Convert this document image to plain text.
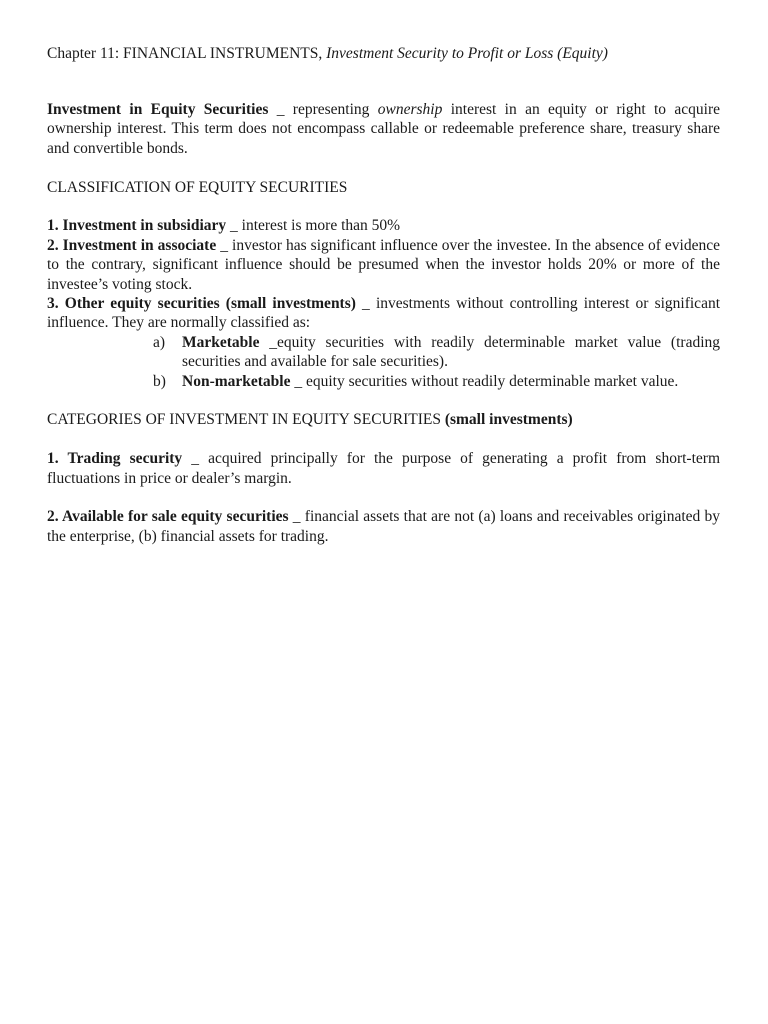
Chapter 11: FINANCIAL INSTRUMENTS, Investment Security to Profit or Loss (Equity)

Investment in Equity Securities _ representing ownership interest in an equity or right to acquire ownership interest. This term does not encompass callable or redeemable preference share, treasury share and convertible bonds.

CLASSIFICATION OF EQUITY SECURITIES

1. Investment in subsidiary _ interest is more than 50%

2. Investment in associate _ investor has significant influence over the investee. In the absence of evidence to the contrary, significant influence should be presumed when the investor holds 20% or more of the investee’s voting stock.

3. Other equity securities (small investments) _ investments without controlling interest or significant influence. They are normally classified as:

a)	Marketable _equity securities with readily determinable market value (trading securities and available for sale securities).
b)	Non-marketable _ equity securities without readily determinable market value.

CATEGORIES OF INVESTMENT IN EQUITY SECURITIES (small investments)

1. Trading security _ acquired principally for the purpose of generating a profit from short-term fluctuations in price or dealer’s margin.

2. Available for sale equity securities _ financial assets that are not (a) loans and receivables originated by the enterprise, (b) financial assets for trading.
